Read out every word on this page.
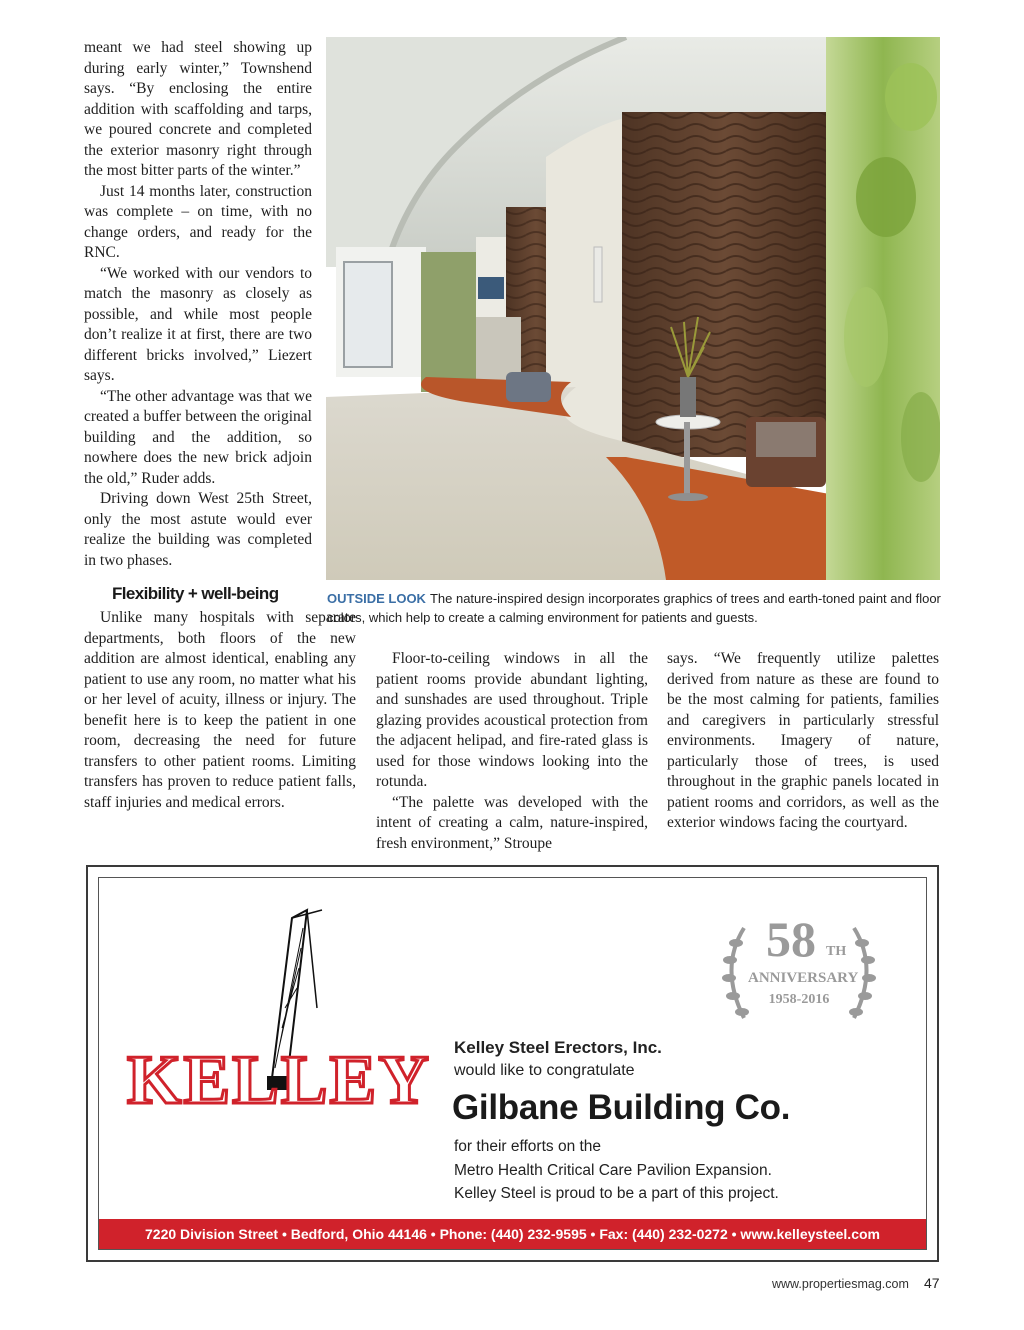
meant we had steel showing up during early winter,” Townshend says. “By enclosing the entire addition with scaffolding and tarps, we poured concrete and completed the exterior masonry right through the most bitter parts of the winter.”

Just 14 months later, construction was complete – on time, with no change orders, and ready for the RNC.

“We worked with our vendors to match the masonry as closely as possible, and while most people don’t realize it at first, there are two different bricks involved,” Liezert says.

“The other advantage was that we created a buffer between the original building and the addition, so nowhere does the new brick adjoin the old,” Ruder adds.

Driving down West 25th Street, only the most astute would ever realize the building was completed in two phases.

OUTSIDE LOOK The nature-inspired design incorporates graphics of trees and earth-toned paint and floor colors, which help to create a calming environment for patients and guests.
Flexibility + well-being

Unlike many hospitals with separate departments, both floors of the new addition are almost identical, enabling any patient to use any room, no matter what his or her level of acuity, illness or injury. The benefit here is to keep the patient in one room, decreasing the need for future transfers to other patient rooms. Limiting transfers has proven to reduce patient falls, staff injuries and medical errors.

Floor-to-ceiling windows in all the patient rooms provide abundant lighting, and sunshades are used throughout. Triple glazing provides acoustical protection from the adjacent helipad, and fire-rated glass is used for those windows looking into the rotunda.

“The palette was developed with the intent of creating a calm, nature-inspired, fresh environment,” Stroupe

says. “We frequently utilize palettes derived from nature as these are found to be the most calming for patients, families and caregivers in particularly stressful environments. Imagery of nature, particularly those of trees, is used throughout in the graphic panels located in patient rooms and corridors, as well as the exterior windows facing the courtyard.

KELLEY
58 TH
ANNIVERSARY
1958-2016
Kelley Steel Erectors, Inc.
would like to congratulate
Gilbane Building Co.
for their efforts on the
Metro Health Critical Care Pavilion Expansion.
Kelley Steel is proud to be a part of this project.
7220 Division Street • Bedford, Ohio 44146 • Phone: (440) 232-9595 • Fax: (440) 232-0272 • www.kelleysteel.com
www.propertiesmag.com 47
